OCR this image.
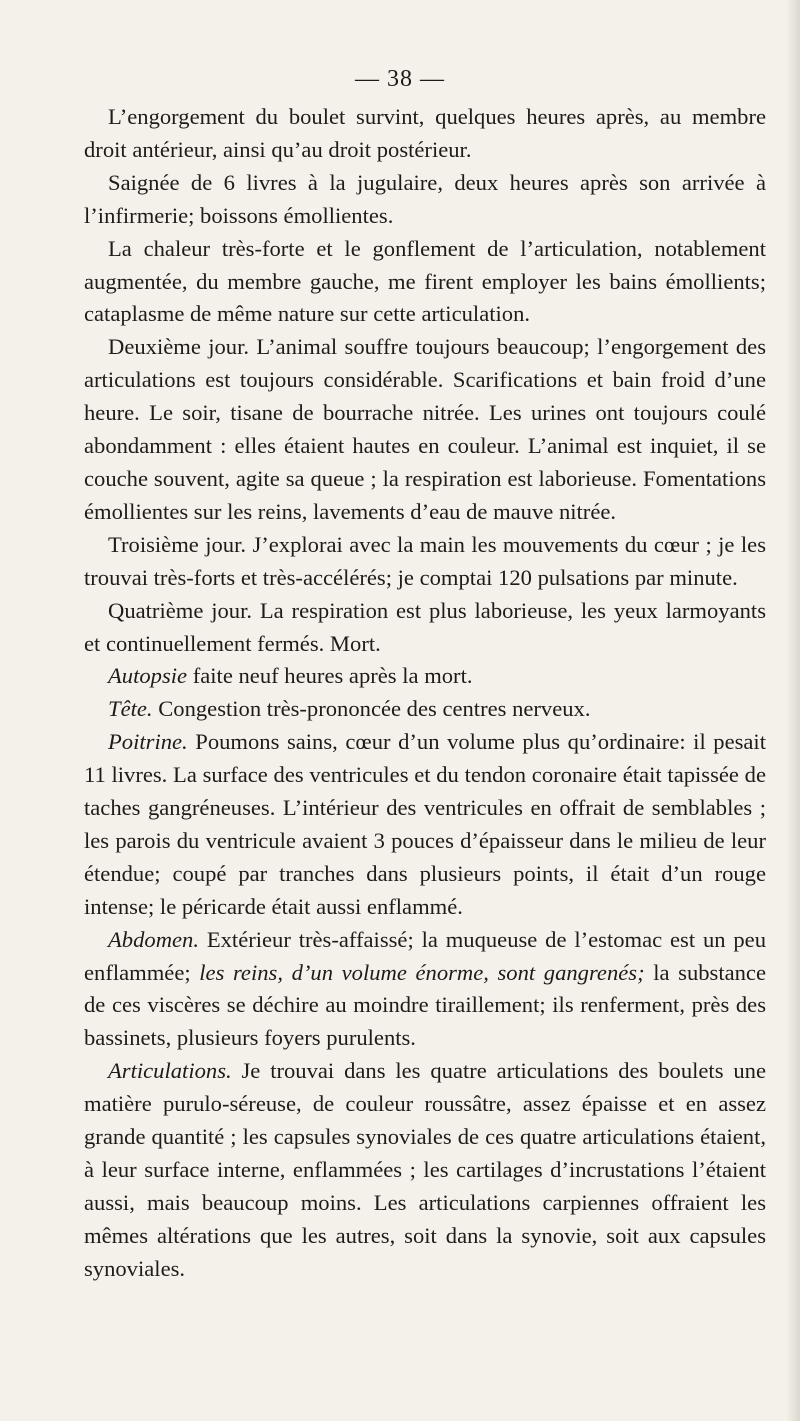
— 38 —

L’engorgement du boulet survint, quelques heures après, au membre droit antérieur, ainsi qu’au droit postérieur.

Saignée de 6 livres à la jugulaire, deux heures après son arrivée à l’infirmerie; boissons émollientes.

La chaleur très-forte et le gonflement de l’articulation, notablement augmentée, du membre gauche, me firent employer les bains émollients; cataplasme de même nature sur cette articulation.

Deuxième jour. L’animal souffre toujours beaucoup; l’engorgement des articulations est toujours considérable. Scarifications et bain froid d’une heure. Le soir, tisane de bourrache nitrée. Les urines ont toujours coulé abondamment : elles étaient hautes en couleur. L’animal est inquiet, il se couche souvent, agite sa queue ; la respiration est laborieuse. Fomentations émollientes sur les reins, lavements d’eau de mauve nitrée.

Troisième jour. J’explorai avec la main les mouvements du cœur ; je les trouvai très-forts et très-accélérés; je comptai 120 pulsations par minute.

Quatrième jour. La respiration est plus laborieuse, les yeux larmoyants et continuellement fermés. Mort.

Autopsie faite neuf heures après la mort.

Tête. Congestion très-prononcée des centres nerveux.

Poitrine. Poumons sains, cœur d’un volume plus qu’ordinaire: il pesait 11 livres. La surface des ventricules et du tendon coronaire était tapissée de taches gangréneuses. L’intérieur des ventricules en offrait de semblables ; les parois du ventricule avaient 3 pouces d’épaisseur dans le milieu de leur étendue; coupé par tranches dans plusieurs points, il était d’un rouge intense; le péricarde était aussi enflammé.

Abdomen. Extérieur très-affaissé; la muqueuse de l’estomac est un peu enflammée; les reins, d’un volume énorme, sont gangrenés; la substance de ces viscères se déchire au moindre tiraillement; ils renferment, près des bassinets, plusieurs foyers purulents.

Articulations. Je trouvai dans les quatre articulations des boulets une matière purulo-séreuse, de couleur roussâtre, assez épaisse et en assez grande quantité ; les capsules synoviales de ces quatre articulations étaient, à leur surface interne, enflammées ; les cartilages d’incrustations l’étaient aussi, mais beaucoup moins. Les articulations carpiennes offraient les mêmes altérations que les autres, soit dans la synovie, soit aux capsules synoviales.
